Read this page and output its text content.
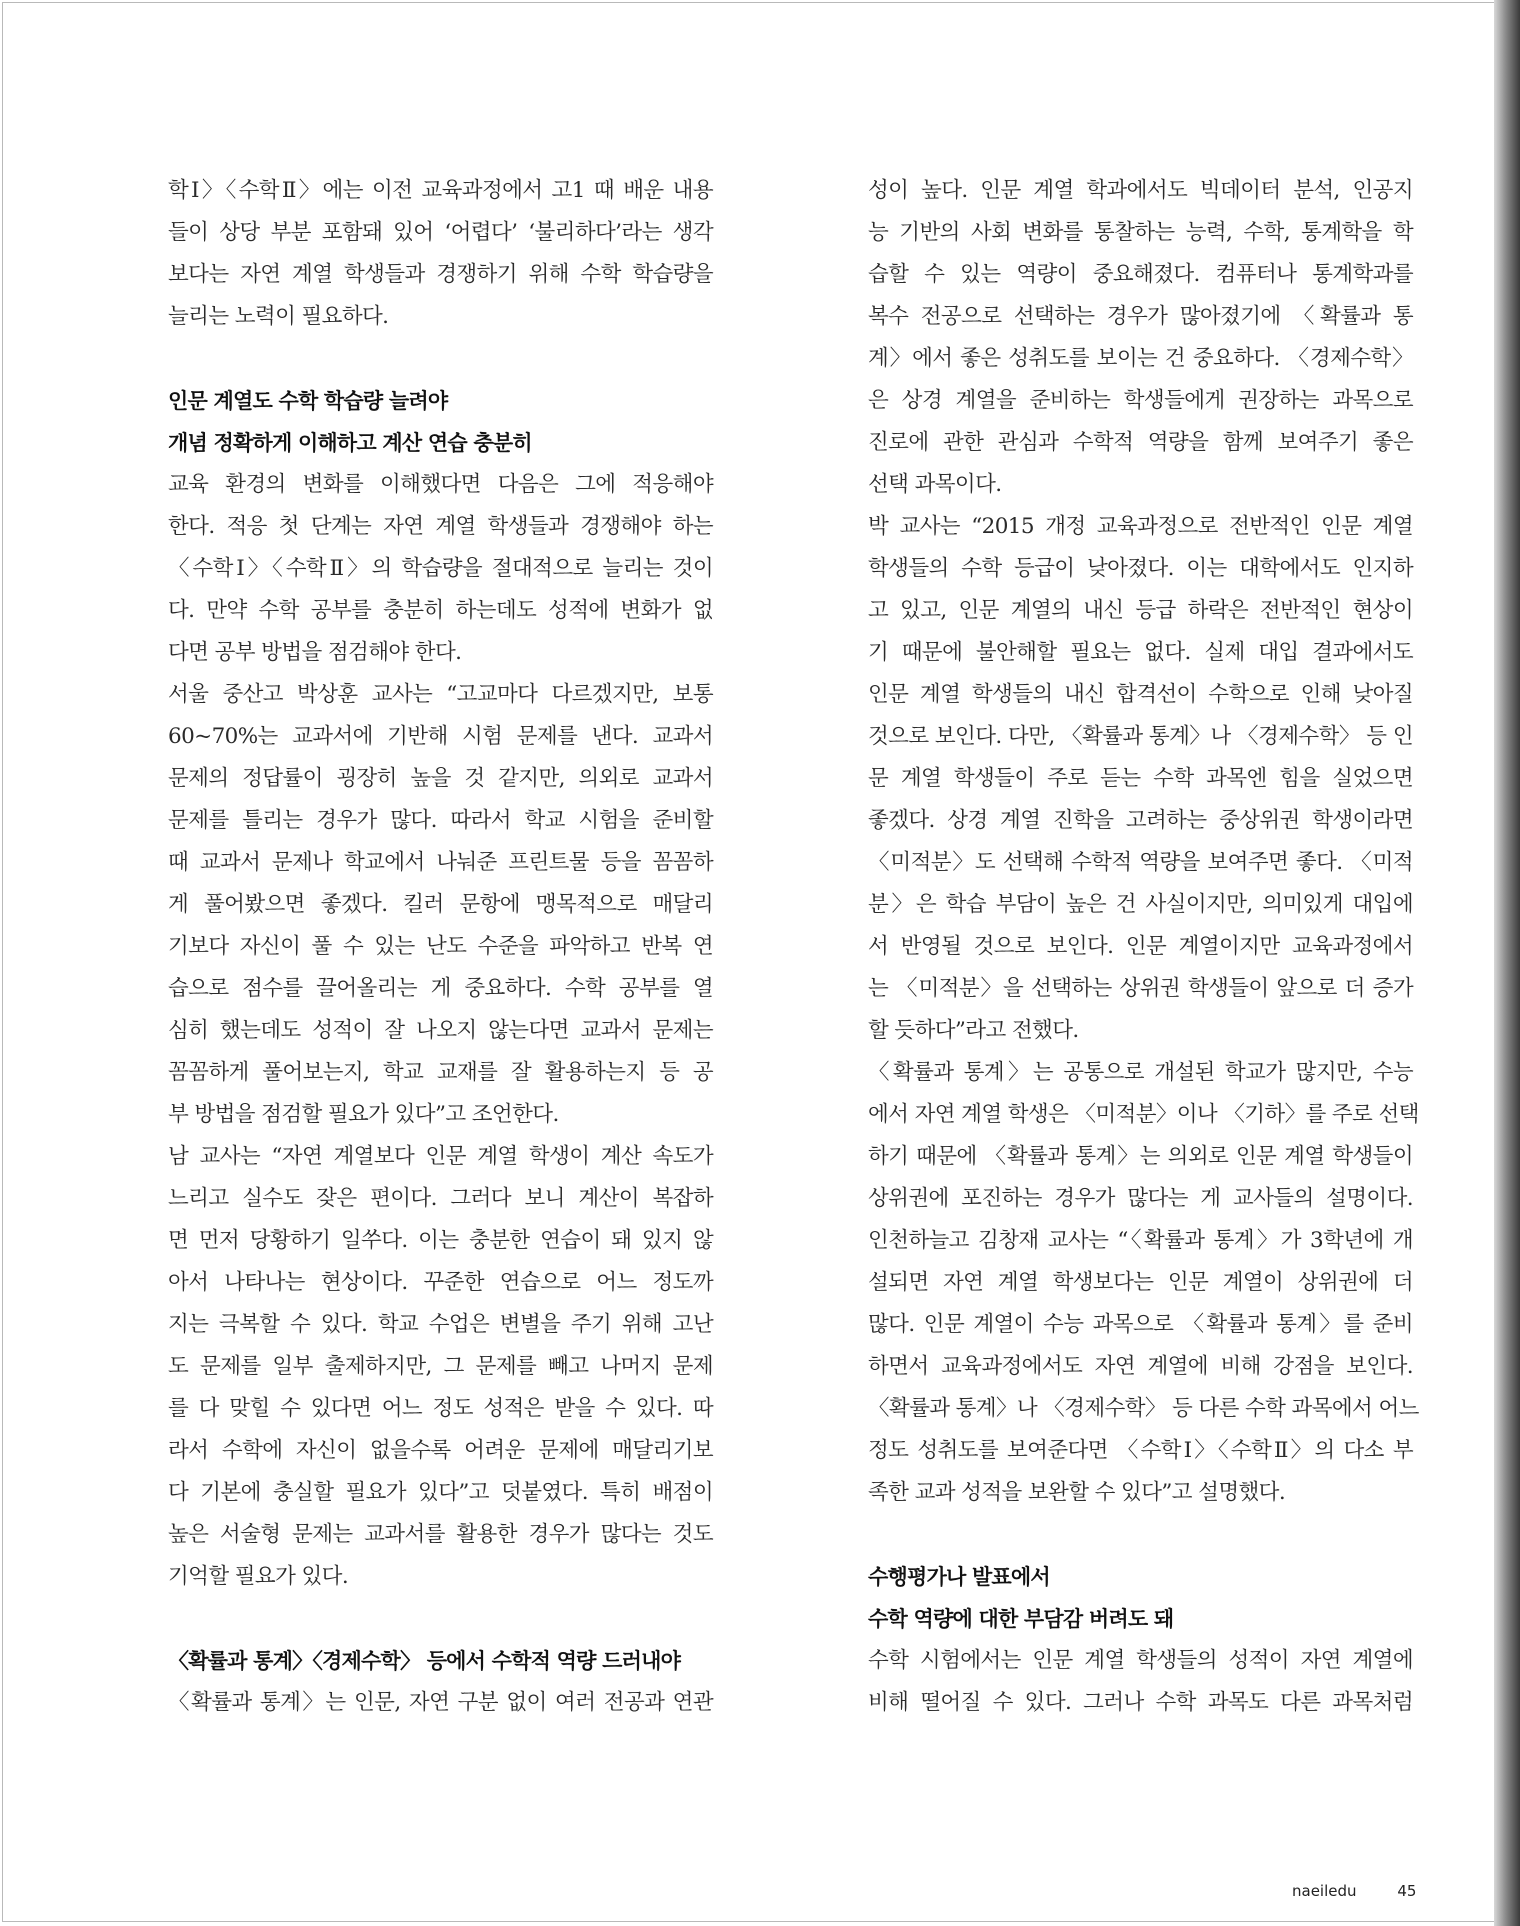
학Ⅰ〉〈수학Ⅱ〉에는 이전 교육과정에서 고1 때 배운 내용
들이 상당 부분 포함돼 있어 ‘어렵다’ ‘불리하다’라는 생각
보다는 자연 계열 학생들과 경쟁하기 위해 수학 학습량을
늘리는 노력이 필요하다.
인문 계열도 수학 학습량 늘려야
개념 정확하게 이해하고 계산 연습 충분히
교육 환경의 변화를 이해했다면 다음은 그에 적응해야
한다. 적응 첫 단계는 자연 계열 학생들과 경쟁해야 하는
〈수학Ⅰ〉〈수학Ⅱ〉의 학습량을 절대적으로 늘리는 것이
다. 만약 수학 공부를 충분히 하는데도 성적에 변화가 없
다면 공부 방법을 점검해야 한다.
서울 중산고 박상훈 교사는 “고교마다 다르겠지만, 보통
60~70%는 교과서에 기반해 시험 문제를 낸다. 교과서
문제의 정답률이 굉장히 높을 것 같지만, 의외로 교과서
문제를 틀리는 경우가 많다. 따라서 학교 시험을 준비할
때 교과서 문제나 학교에서 나눠준 프린트물 등을 꼼꼼하
게 풀어봤으면 좋겠다. 킬러 문항에 맹목적으로 매달리
기보다 자신이 풀 수 있는 난도 수준을 파악하고 반복 연
습으로 점수를 끌어올리는 게 중요하다. 수학 공부를 열
심히 했는데도 성적이 잘 나오지 않는다면 교과서 문제는
꼼꼼하게 풀어보는지, 학교 교재를 잘 활용하는지 등 공
부 방법을 점검할 필요가 있다”고 조언한다.
남 교사는 “자연 계열보다 인문 계열 학생이 계산 속도가
느리고 실수도 잦은 편이다. 그러다 보니 계산이 복잡하
면 먼저 당황하기 일쑤다. 이는 충분한 연습이 돼 있지 않
아서 나타나는 현상이다. 꾸준한 연습으로 어느 정도까
지는 극복할 수 있다. 학교 수업은 변별을 주기 위해 고난
도 문제를 일부 출제하지만, 그 문제를 빼고 나머지 문제
를 다 맞힐 수 있다면 어느 정도 성적은 받을 수 있다. 따
라서 수학에 자신이 없을수록 어려운 문제에 매달리기보
다 기본에 충실할 필요가 있다”고 덧붙였다. 특히 배점이
높은 서술형 문제는 교과서를 활용한 경우가 많다는 것도
기억할 필요가 있다.
〈확률과 통계〉〈경제수학〉 등에서 수학적 역량 드러내야
〈확률과 통계〉는 인문, 자연 구분 없이 여러 전공과 연관
성이 높다. 인문 계열 학과에서도 빅데이터 분석, 인공지
능 기반의 사회 변화를 통찰하는 능력, 수학, 통계학을 학
습할 수 있는 역량이 중요해졌다. 컴퓨터나 통계학과를
복수 전공으로 선택하는 경우가 많아졌기에 〈확률과 통
계〉에서 좋은 성취도를 보이는 건 중요하다. 〈경제수학〉
은 상경 계열을 준비하는 학생들에게 권장하는 과목으로
진로에 관한 관심과 수학적 역량을 함께 보여주기 좋은
선택 과목이다.
박 교사는 “2015 개정 교육과정으로 전반적인 인문 계열
학생들의 수학 등급이 낮아졌다. 이는 대학에서도 인지하
고 있고, 인문 계열의 내신 등급 하락은 전반적인 현상이
기 때문에 불안해할 필요는 없다. 실제 대입 결과에서도
인문 계열 학생들의 내신 합격선이 수학으로 인해 낮아질
것으로 보인다. 다만, 〈확률과 통계〉나 〈경제수학〉 등 인
문 계열 학생들이 주로 듣는 수학 과목엔 힘을 실었으면
좋겠다. 상경 계열 진학을 고려하는 중상위권 학생이라면
〈미적분〉도 선택해 수학적 역량을 보여주면 좋다. 〈미적
분〉은 학습 부담이 높은 건 사실이지만, 의미있게 대입에
서 반영될 것으로 보인다. 인문 계열이지만 교육과정에서
는 〈미적분〉을 선택하는 상위권 학생들이 앞으로 더 증가
할 듯하다”라고 전했다.
〈확률과 통계〉는 공통으로 개설된 학교가 많지만, 수능
에서 자연 계열 학생은 〈미적분〉이나 〈기하〉를 주로 선택
하기 때문에 〈확률과 통계〉는 의외로 인문 계열 학생들이
상위권에 포진하는 경우가 많다는 게 교사들의 설명이다.
인천하늘고 김창재 교사는 “〈확률과 통계〉가 3학년에 개
설되면 자연 계열 학생보다는 인문 계열이 상위권에 더
많다. 인문 계열이 수능 과목으로 〈확률과 통계〉를 준비
하면서 교육과정에서도 자연 계열에 비해 강점을 보인다.
〈확률과 통계〉나 〈경제수학〉 등 다른 수학 과목에서 어느
정도 성취도를 보여준다면 〈수학Ⅰ〉〈수학Ⅱ〉의 다소 부
족한 교과 성적을 보완할 수 있다”고 설명했다.
수행평가나 발표에서
수학 역량에 대한 부담감 버려도 돼
수학 시험에서는 인문 계열 학생들의 성적이 자연 계열에
비해 떨어질 수 있다. 그러나 수학 과목도 다른 과목처럼
naeiledu	45
